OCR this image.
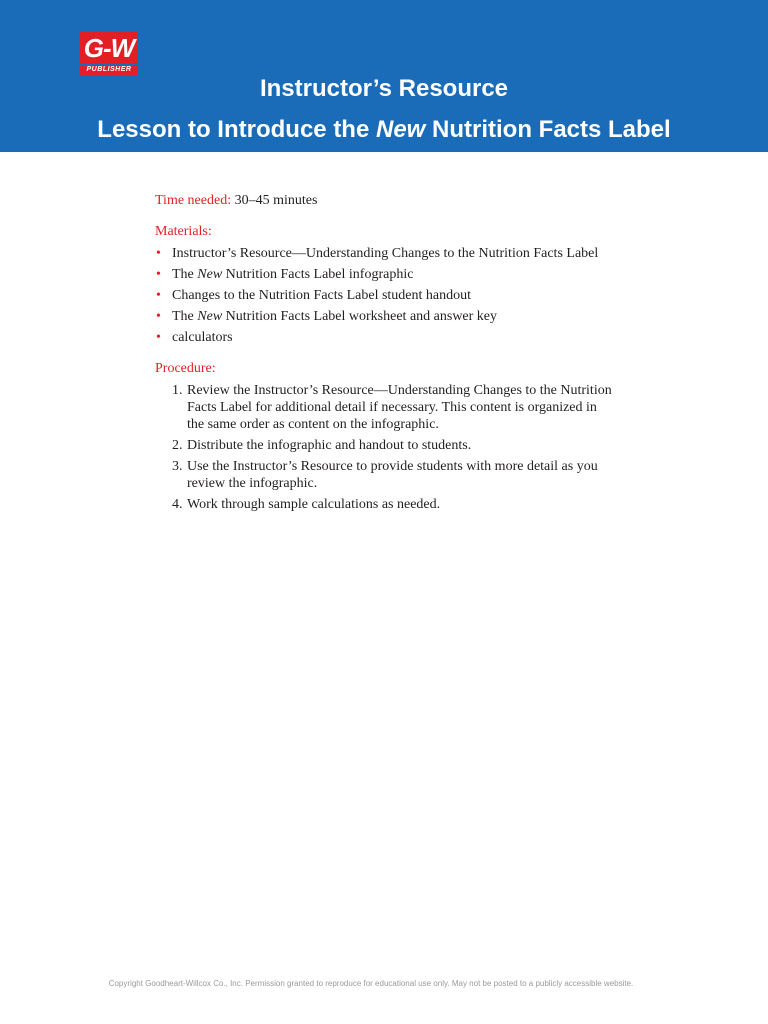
G-W
PUBLISHER
Instructor’s Resource
Lesson to Introduce the New Nutrition Facts Label

Time needed: 30–45 minutes

Materials:
• Instructor’s Resource—Understanding Changes to the Nutrition Facts Label
• The New Nutrition Facts Label infographic
• Changes to the Nutrition Facts Label student handout
• The New Nutrition Facts Label worksheet and answer key
• calculators
Procedure:
1. Review the Instructor’s Resource—Understanding Changes to the Nutrition Facts Label for additional detail if necessary. This content is organized in the same order as content on the infographic.
2. Distribute the infographic and handout to students.
3. Use the Instructor’s Resource to provide students with more detail as you review the infographic.
4. Work through sample calculations as needed.
Copyright Goodheart-Willcox Co., Inc. Permission granted to reproduce for educational use only. May not be posted to a publicly accessible website.
